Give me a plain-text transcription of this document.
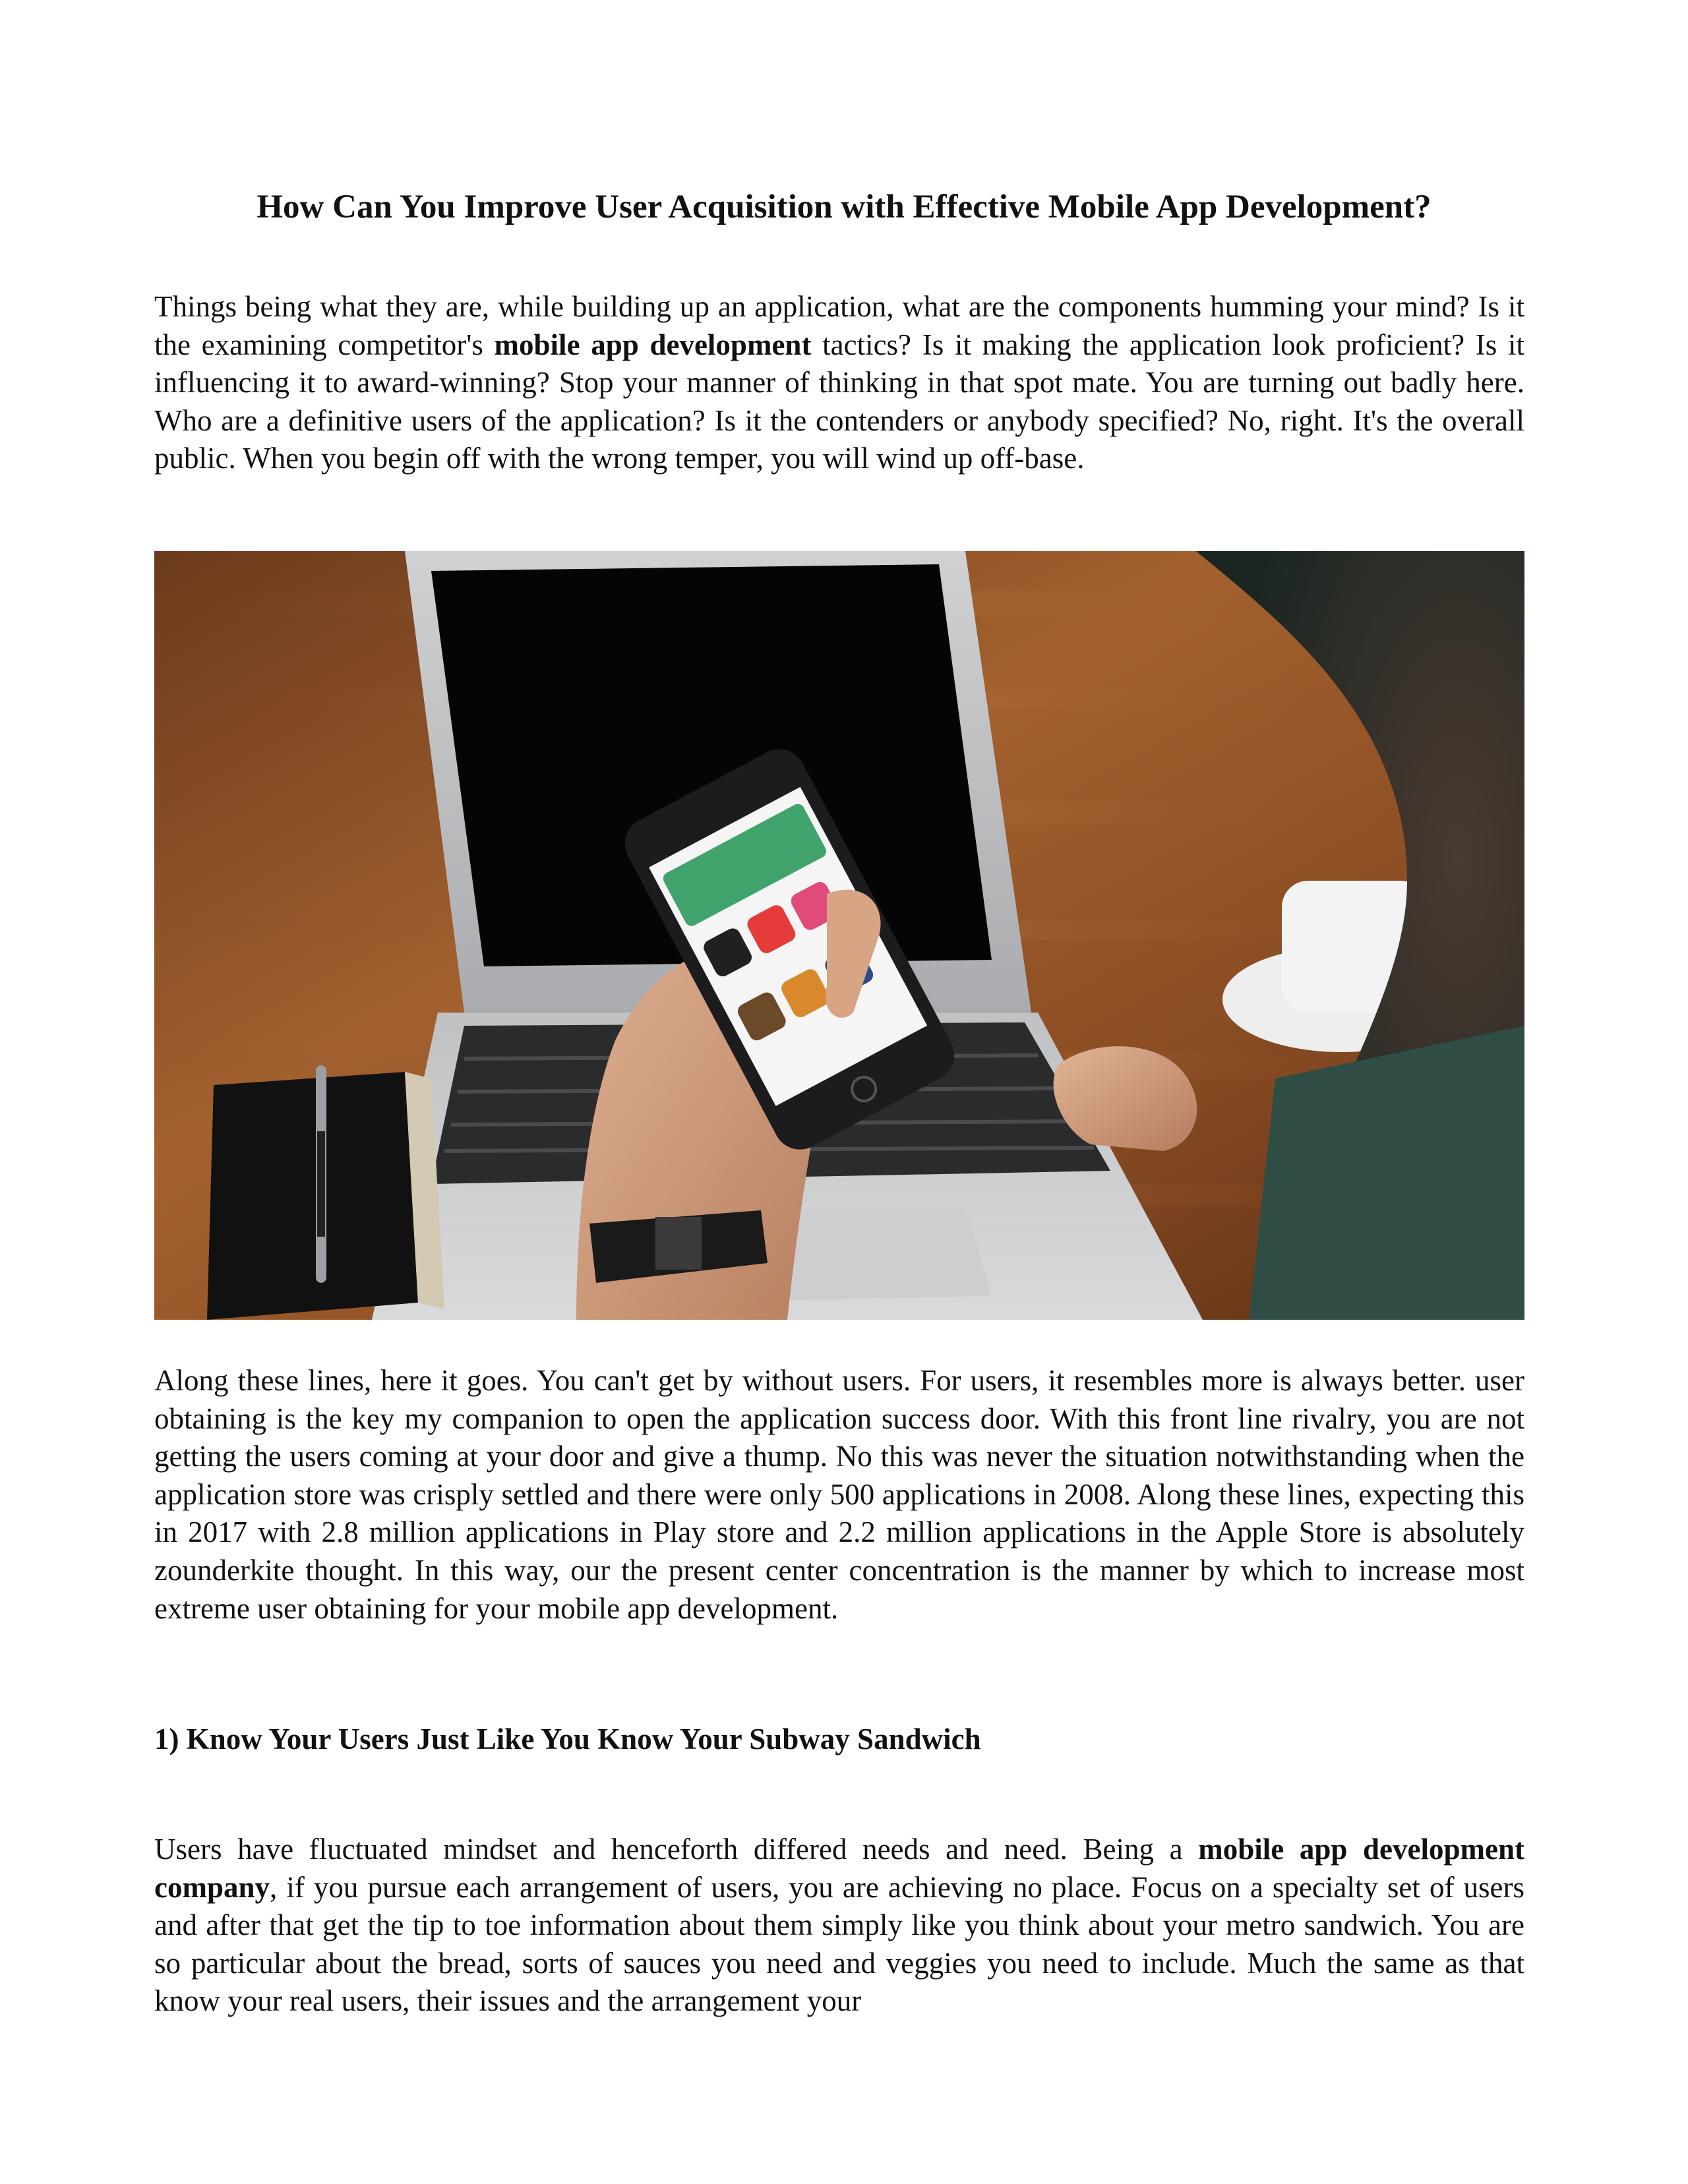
How Can You Improve User Acquisition with Effective Mobile App Development?

Things being what they are, while building up an application, what are the components humming your mind? Is it the examining competitor's mobile app development tactics? Is it making the application look proficient? Is it influencing it to award-winning? Stop your manner of thinking in that spot mate. You are turning out badly here. Who are a definitive users of the application? Is it the contenders or anybody specified? No, right. It's the overall public. When you begin off with the wrong temper, you will wind up off-base.

Along these lines, here it goes. You can't get by without users. For users, it resembles more is always better. user obtaining is the key my companion to open the application success door. With this front line rivalry, you are not getting the users coming at your door and give a thump. No this was never the situation notwithstanding when the application store was crisply settled and there were only 500 applications in 2008. Along these lines, expecting this in 2017 with 2.8 million applications in Play store and 2.2 million applications in the Apple Store is absolutely zounderkite thought. In this way, our the present center concentration is the manner by which to increase most extreme user obtaining for your mobile app development.

1) Know Your Users Just Like You Know Your Subway Sandwich

Users have fluctuated mindset and henceforth differed needs and need. Being a mobile app development company, if you pursue each arrangement of users, you are achieving no place. Focus on a specialty set of users and after that get the tip to toe information about them simply like you think about your metro sandwich. You are so particular about the bread, sorts of sauces you need and veggies you need to include. Much the same as that know your real users, their issues and the arrangement your
